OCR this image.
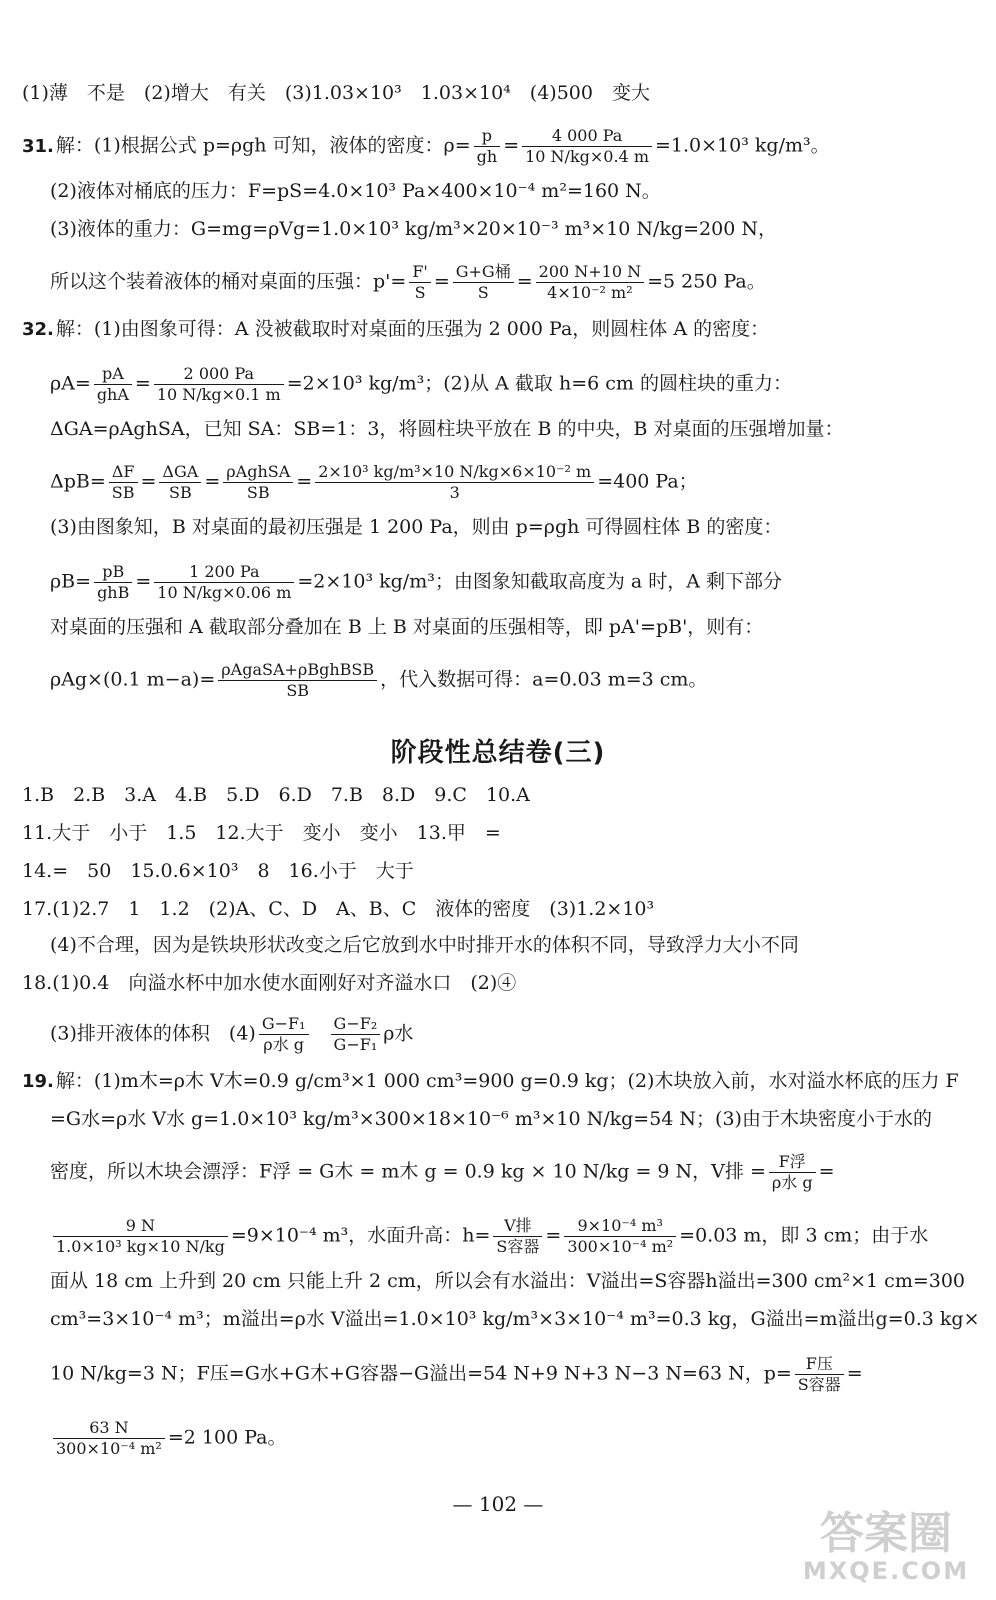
(1)薄　不是　(2)增大　有关　(3)1.03×10³　1.03×10⁴　(4)500　变大
31. 解：(1)根据公式 p=ρgh 可知，液体的密度：$\rho= \frac{p}{gh} = \frac{4 000 Pa}{10 N/kg\times 0.4 m} =1.0\times 10^3$ kg/m³。
(2)液体对桶底的压力：F=pS=4.0×10³ Pa×400×10⁻⁴ m²=160 N。
(3)液体的重力：G=mg=ρVg=1.0×10³ kg/m³×20×10⁻³ m³×10 N/kg=200 N，
所以这个装着液体的桶对桌面的压强：$p'= \frac{F'}{S} = \frac{\text{G+G桶}}{S} = \frac{200 N+10 N}{\text{4×10⁻² m²}} =5$ 250 Pa。
32. 解：(1)由图象可得：A 没被截取时对桌面的压强为 2 000 Pa，则圆柱体 A 的密度：
$\rho A= \frac{pA}{\text{ghA}} = \frac{2 000 Pa}{10 N/kg\times 0.1 m} =2\times 10^3$ kg/m³；(2)从 A 截取 h=6 cm 的圆柱块的重力：
ΔGA=ρAghSA，已知 SA：SB=1：3，将圆柱块平放在 B 的中央，B 对桌面的压强增加量：
$\Delta pB= \frac{\Delta F}{SB} = \frac{\text{ΔGA}}{SB} = \frac{\text{ρAghSA}}{SB} = \frac{\text{2×10³ kg/m³×10 N/kg×6×10⁻² m}}{3} =400$ Pa；
(3)由图象知，B 对桌面的最初压强是 1 200 Pa，则由 p=ρgh 可得圆柱体 B 的密度：
$\rho B= \frac{pB}{\text{ghB}} = \frac{1 200 Pa}{10 N/kg\times 0.06 m} =2\times 10^3$ kg/m³；由图象知截取高度为 a 时，A 剩下部分
对桌面的压强和 A 截取部分叠加在 B 上 B 对桌面的压强相等，即 pA'=pB'，则有：
ρAg×(0.1 $m-a)= \frac{\text{ρAgaSA+ρBghBSB}}{SB}$ ，代入数据可得：a=0.03 m=3 cm。
阶段性总结卷(三)
1.B　2.B　3.A　4.B　5.D　6.D　7.B　8.D　9.C　10.A
11.大于　小于　1.5　12.大于　变小　变小　13.甲　=
14.=　50　15.0.6×10³　8　16.小于　大于
17.(1)2.7　1　1.2　(2)A、C、D　A、B、C　液体的密度　(3)1.2×10³
(4)不合理，因为是铁块形状改变之后它放到水中时排开水的体积不同，导致浮力大小不同
18.(1)0.4　向溢水杯中加水使水面刚好对齐溢水口　(2)④
(3)排开液体的体积　$(4) \frac{\text{G−F₁}}{\text{ρ水 g}} \frac{\text{G−F₂}}{\text{G−F₁}}$ ρ水
19. 解：(1)m木=ρ木 V木=0.9 g/cm³×1 000 cm³=900 g=0.9 kg；(2)木块放入前，水对溢水杯底的压力 F
=G水=ρ水 V水 g=1.0×10³ kg/m³×300×18×10⁻⁶ m³×10 N/kg=54 N；(3)由于木块密度小于水的
密度，所以木块会漂浮：F浮 = G木 = m木 g = 0.9 kg × 10 N/kg = 9 N，V排 = $\frac{\text{F浮}}{\text{ρ水 g}}$ =
$\frac{9 N}{\text{1.0×10³ kg×10 N/kg}} =9\times 10^{-4}$ m³，水面升高：$h= \frac{\text{V排}}{\text{S容器}} = \frac{\text{9×10⁻⁴ m³}}{\text{300×10⁻⁴ m²}} =0.03$ m，即 3 cm；由于水
面从 18 cm 上升到 20 cm 只能上升 2 cm，所以会有水溢出：V溢出=S容器h溢出=300 cm²×1 cm=300
cm³=3×10⁻⁴ m³；m溢出=ρ水 V溢出=1.0×10³ kg/m³×3×10⁻⁴ m³=0.3 kg，G溢出=m溢出g=0.3 kg×
10 N/kg=3 N；F压=G水+G木+G容器−G溢出=54 N+9 N+3 N−3 N=63 N，$p= \frac{\text{F压}}{\text{S容器}}$ =
$\frac{63 N}{\text{300×10⁻⁴ m²}} =2$ 100 Pa。
— 102 —
答案圈
MXQE.COM
